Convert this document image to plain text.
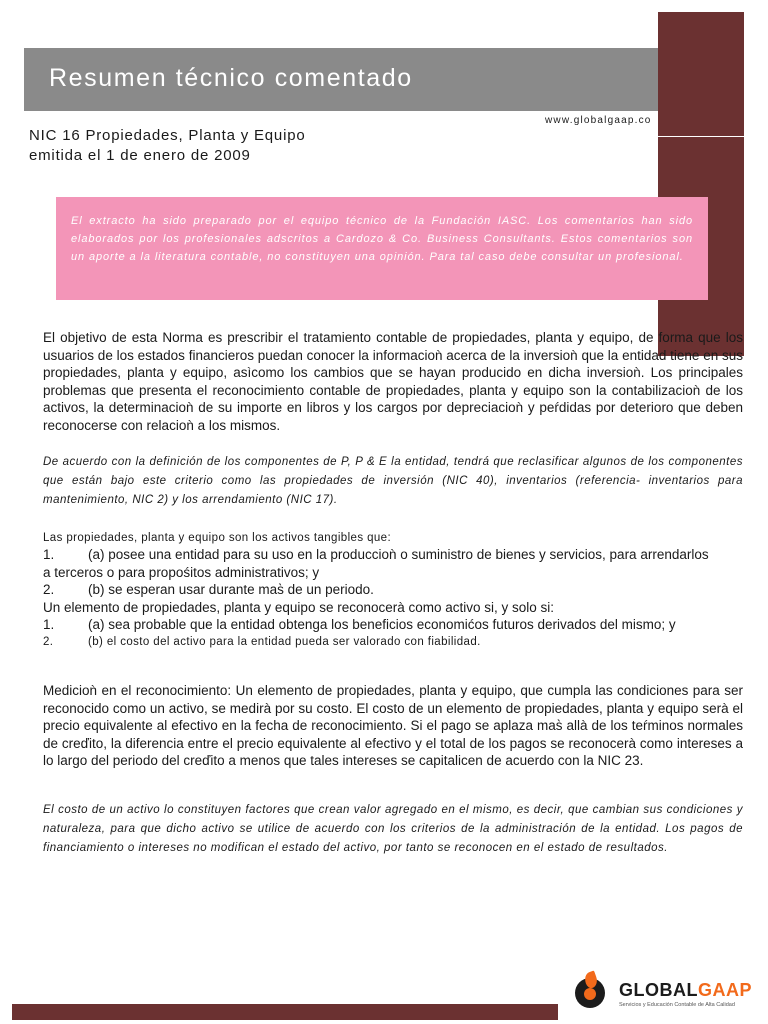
Resumen técnico comentado
www.globalgaap.co
NIC 16 Propiedades, Planta y Equipo
emitida el 1 de enero de 2009

El extracto ha sido preparado por el equipo técnico de la Fundación IASC. Los comentarios han sido elaborados por los profesionales adscritos a Cardozo & Co. Business Consultants. Estos comentarios son un aporte a la literatura contable, no constituyen una opinión. Para tal caso debe consultar un profesional.

El objetivo de esta Norma es prescribir el tratamiento contable de propiedades, planta y equipo, de forma que los usuarios de los estados financieros puedan conocer la informacioǹ acerca de la inversioǹ que la entidad tiene en sus propiedades, planta y equipo, asìcomo los cambios que se hayan producido en dicha inversioǹ. Los principales problemas que presenta el reconocimiento contable de propiedades, planta y equipo son la contabilizacioǹ de los activos, la determinacioǹ de su importe en libros y los cargos por depreciacioǹ y peŕdidas por deterioro que deben reconocerse con relacioǹ a los mismos.

De acuerdo con la definición de los componentes de P, P & E la entidad, tendrá que reclasificar algunos de los componentes que están bajo este criterio como las propiedades de inversión (NIC 40), inventarios (referencia- inventarios para mantenimiento, NIC 2) y los arrendamiento (NIC 17).

Las propiedades, planta y equipo son los activos tangibles que:

1.	(a) posee una entidad para su uso en la produccioǹ o suministro de bienes y servicios, para arrendarlos

a terceros o para propośitos administrativos; y

2.	(b) se esperan usar durante mas̀ de un periodo.

Un elemento de propiedades, planta y equipo se reconocerà como activo si, y solo si:

1.	(a) sea probable que la entidad obtenga los beneficios economićos futuros derivados del mismo; y

2.	(b) el costo del activo para la entidad pueda ser valorado con fiabilidad.

Medicioǹ en el reconocimiento: Un elemento de propiedades, planta y equipo, que cumpla las condiciones para ser reconocido como un activo, se medirà por su costo. El costo de un elemento de propiedades, planta y equipo serà el precio equivalente al efectivo en la fecha de reconocimiento. Si el pago se aplaza mas̀ allà de los teŕminos normales de creďito, la diferencia entre el precio equivalente al efectivo y el total de los pagos se reconocerà como intereses a lo largo del periodo del creďito a menos que tales intereses se capitalicen de acuerdo con la NIC 23.

El costo de un activo lo constituyen factores que crean valor agregado en el mismo, es decir, que cambian sus condiciones y naturaleza, para que dicho activo se utilice de acuerdo con los criterios de la administración de la entidad. Los pagos de financiamiento o intereses no modifican el estado del activo, por tanto se reconocen en el estado de resultados.

GLOBALGAAP
Servicios y Educación Contable de Alta Calidad
